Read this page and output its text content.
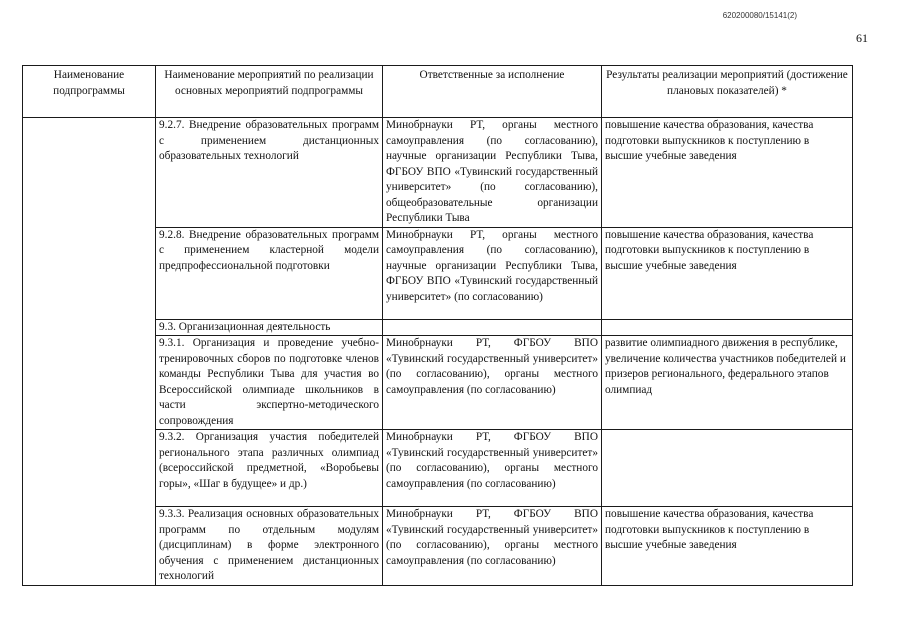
620200080/15141(2)
61
Наименование подпрограммы	Наименование мероприятий по реализации основных мероприятий подпрограммы	Ответственные за исполнение	Результаты реализации мероприятий (достижение плановых показателей) *
	9.2.7. Внедрение образовательных программ с применением дистанционных образовательных технологий	Минобрнауки РТ, органы местного самоуправления (по согласованию), научные организации Республики Тыва, ФГБОУ ВПО «Тувинский государственный университет» (по согласованию), общеобразовательные организации Республики Тыва	повышение качества образования, качества подготовки выпускников к поступлению в высшие учебные заведения
	9.2.8. Внедрение образовательных программ с применением кластерной модели предпрофессиональной подготовки	Минобрнауки РТ, органы местного самоуправления (по согласованию), научные организации Республики Тыва, ФГБОУ ВПО «Тувинский государственный университет» (по согласованию)	повышение качества образования, качества подготовки выпускников к поступлению в высшие учебные заведения
	9.3. Организационная деятельность		
	9.3.1. Организация и проведение учебно-тренировочных сборов по подготовке членов команды Республики Тыва для участия во Всероссийской олимпиаде школьников в части экспертно-методического сопровождения	Минобрнауки РТ, ФГБОУ ВПО «Тувинский государственный университет» (по согласованию), органы местного самоуправления (по согласованию)	развитие олимпиадного движения в республике, увеличение количества участников победителей и призеров регионального, федерального этапов олимпиад
	9.3.2. Организация участия победителей регионального этапа различных олимпиад (всероссийской предметной, «Воробьевы горы», «Шаг в будущее» и др.)	Минобрнауки РТ, ФГБОУ ВПО «Тувинский государственный университет» (по согласованию), органы местного самоуправления (по согласованию)	
	9.3.3. Реализация основных образовательных программ по отдельным модулям (дисциплинам) в форме электронного обучения с применением дистанционных технологий	Минобрнауки РТ, ФГБОУ ВПО «Тувинский государственный университет» (по согласованию), органы местного самоуправления (по согласованию)	повышение качества образования, качества подготовки выпускников к поступлению в высшие учебные заведения
